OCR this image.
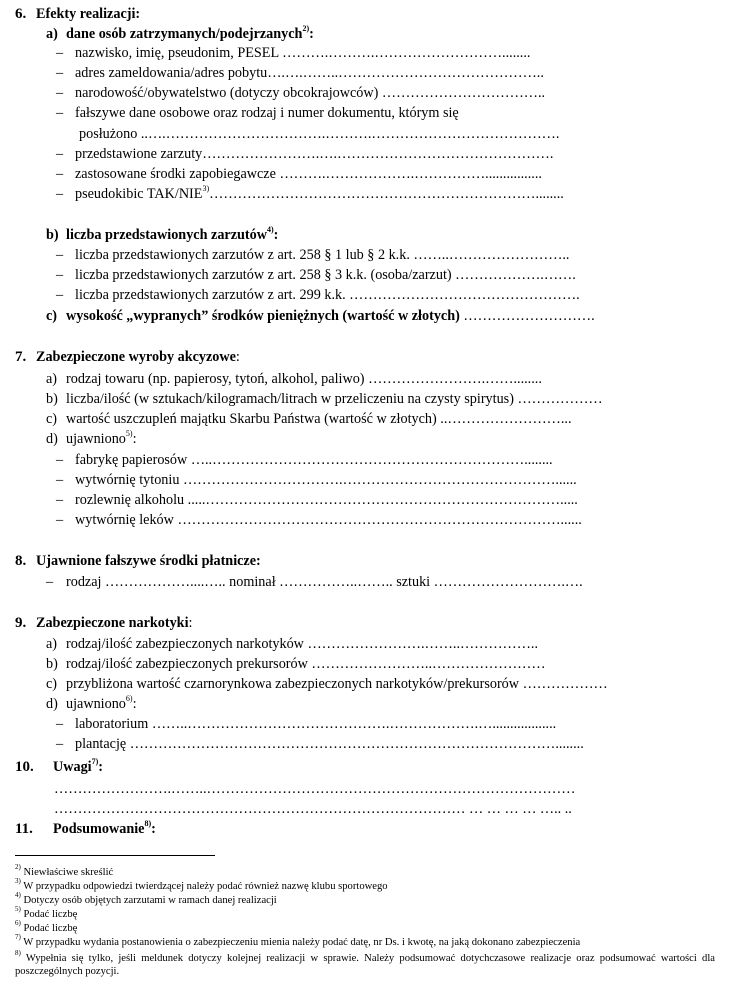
6. Efekty realizacji:
a) dane osób zatrzymanych/podejrzanych$^{2)}$:
– nazwisko, imię, pseudonim, PESEL ……….……….………………………........
– adres zameldowania/adres pobytu….….……..……………………………………..
– narodowość/obywatelstwo (dotyczy obcokrajowców) ……………………………..
– fałszywe dane osobowe oraz rodzaj i numer dokumentu, którym się
posłużono ..….…………………………….……….………………………………….
– przedstawione zarzuty…………………….….……………………………………….
– zastosowane środki zapobiegawcze ……….……………….……………................
– pseudokibic TAK/NIE$^{3)}$……………………………………………………………........
b) liczba przedstawionych zarzutów$^{4)}$:
– liczba przedstawionych zarzutów z art. 258 § 1 lub § 2 k.k. ……..……………………..
– liczba przedstawionych zarzutów z art. 258 § 3 k.k. (osoba/zarzut) ……………….…….
– liczba przedstawionych zarzutów z art. 299 k.k. ………………………………………….
c) wysokość „wypranych” środków pieniężnych (wartość w złotych) ……………………….
7. Zabezpieczone wyroby akcyzowe:
a) rodzaj towaru (np. papierosy, tytoń, alkohol, paliwo) …………………….……........
b) liczba/ilość (w sztukach/kilogramach/litrach w przeliczeniu na czysty spirytus) ………………
c) wartość uszczupleń majątku Skarbu Państwa (wartość w złotych) ..……………………...
d) ujawniono$^{5)}$:
– fabrykę papierosów …..…………………………………………………………........
– wytwórnię tytoniu …………………………….………………………………………......
– rozlewnię alkoholu .....………………………………………………………………….....
– wytwórnię leków ………………………………………………………………………......
8. Ujawnione fałszywe środki płatnicze:
– rodzaj ………………....….. nominał ……………..…….. sztuki ……………………….….
9. Zabezpieczone narkotyki:
a) rodzaj/ilość zabezpieczonych narkotyków …………………….……..……………..
b) rodzaj/ilość zabezpieczonych prekursorów ……………………..……………………
c) przybliżona wartość czarnorynkowa zabezpieczonych narkotyków/prekursorów ………………
d) ujawniono$^{6)}$:
– laboratorium ……..…………………………………….……………….…..................
– plantację ………………………………………………………………………………........
10. Uwagi$^{7)}$:
…………………….……..……………………………………………………………………
…………………………………………………………………………… … … … … ….. ..
11. Podsumowanie$^{8)}$:
$^{2)}$ Niewłaściwe skreślić
$^{3)}$ W przypadku odpowiedzi twierdzącej należy podać również nazwę klubu sportowego
$^{4)}$ Dotyczy osób objętych zarzutami w ramach danej realizacji
$^{5)}$ Podać liczbę
$^{6)}$ Podać liczbę
$^{7)}$ W przypadku wydania postanowienia o zabezpieczeniu mienia należy podać datę, nr Ds. i kwotę, na jaką dokonano zabezpieczenia
$^{8)}$ Wypełnia się tylko, jeśli meldunek dotyczy kolejnej realizacji w sprawie. Należy podsumować dotychczasowe realizacje oraz podsumować wartości dla poszczególnych pozycji.
